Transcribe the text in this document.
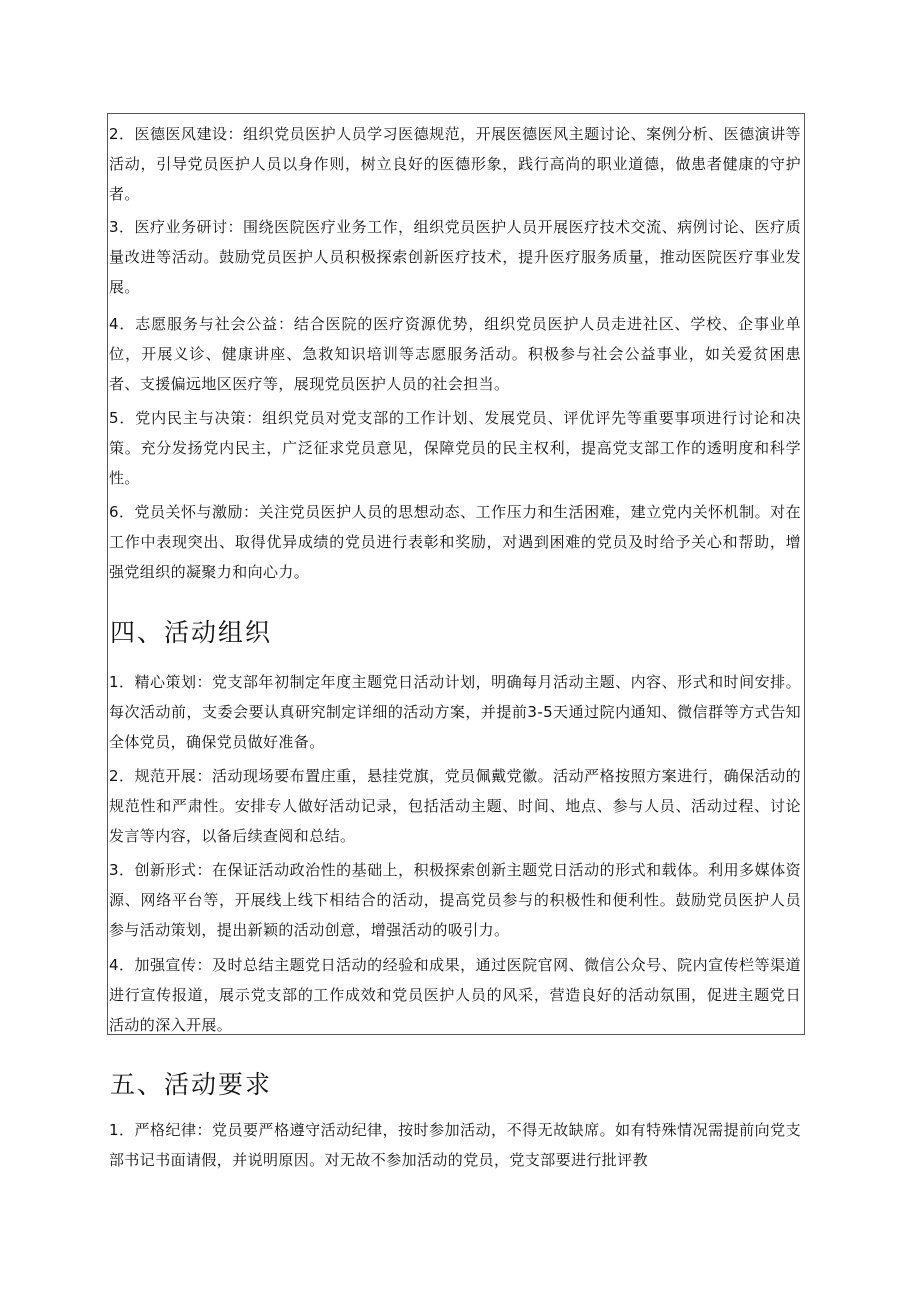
2．医德医风建设：组织党员医护人员学习医德规范，开展医德医风主题讨论、案例分析、医德演讲等活动，引导党员医护人员以身作则，树立良好的医德形象，践行高尚的职业道德，做患者健康的守护者。

3．医疗业务研讨：围绕医院医疗业务工作，组织党员医护人员开展医疗技术交流、病例讨论、医疗质量改进等活动。鼓励党员医护人员积极探索创新医疗技术，提升医疗服务质量，推动医院医疗事业发展。

4．志愿服务与社会公益：结合医院的医疗资源优势，组织党员医护人员走进社区、学校、企事业单位，开展义诊、健康讲座、急救知识培训等志愿服务活动。积极参与社会公益事业，如关爱贫困患者、支援偏远地区医疗等，展现党员医护人员的社会担当。

5．党内民主与决策：组织党员对党支部的工作计划、发展党员、评优评先等重要事项进行讨论和决策。充分发扬党内民主，广泛征求党员意见，保障党员的民主权利，提高党支部工作的透明度和科学性。

6．党员关怀与激励：关注党员医护人员的思想动态、工作压力和生活困难，建立党内关怀机制。对在工作中表现突出、取得优异成绩的党员进行表彰和奖励，对遇到困难的党员及时给予关心和帮助，增强党组织的凝聚力和向心力。

四、活动组织

1．精心策划：党支部年初制定年度主题党日活动计划，明确每月活动主题、内容、形式和时间安排。每次活动前，支委会要认真研究制定详细的活动方案，并提前3-5天通过院内通知、微信群等方式告知全体党员，确保党员做好准备。

2．规范开展：活动现场要布置庄重，悬挂党旗，党员佩戴党徽。活动严格按照方案进行，确保活动的规范性和严肃性。安排专人做好活动记录，包括活动主题、时间、地点、参与人员、活动过程、讨论发言等内容，以备后续查阅和总结。

3．创新形式：在保证活动政治性的基础上，积极探索创新主题党日活动的形式和载体。利用多媒体资源、网络平台等，开展线上线下相结合的活动，提高党员参与的积极性和便利性。鼓励党员医护人员参与活动策划，提出新颖的活动创意，增强活动的吸引力。

4．加强宣传：及时总结主题党日活动的经验和成果，通过医院官网、微信公众号、院内宣传栏等渠道进行宣传报道，展示党支部的工作成效和党员医护人员的风采，营造良好的活动氛围，促进主题党日活动的深入开展。

五、活动要求

1．严格纪律：党员要严格遵守活动纪律，按时参加活动，不得无故缺席。如有特殊情况需提前向党支部书记书面请假，并说明原因。对无故不参加活动的党员，党支部要进行批评教
